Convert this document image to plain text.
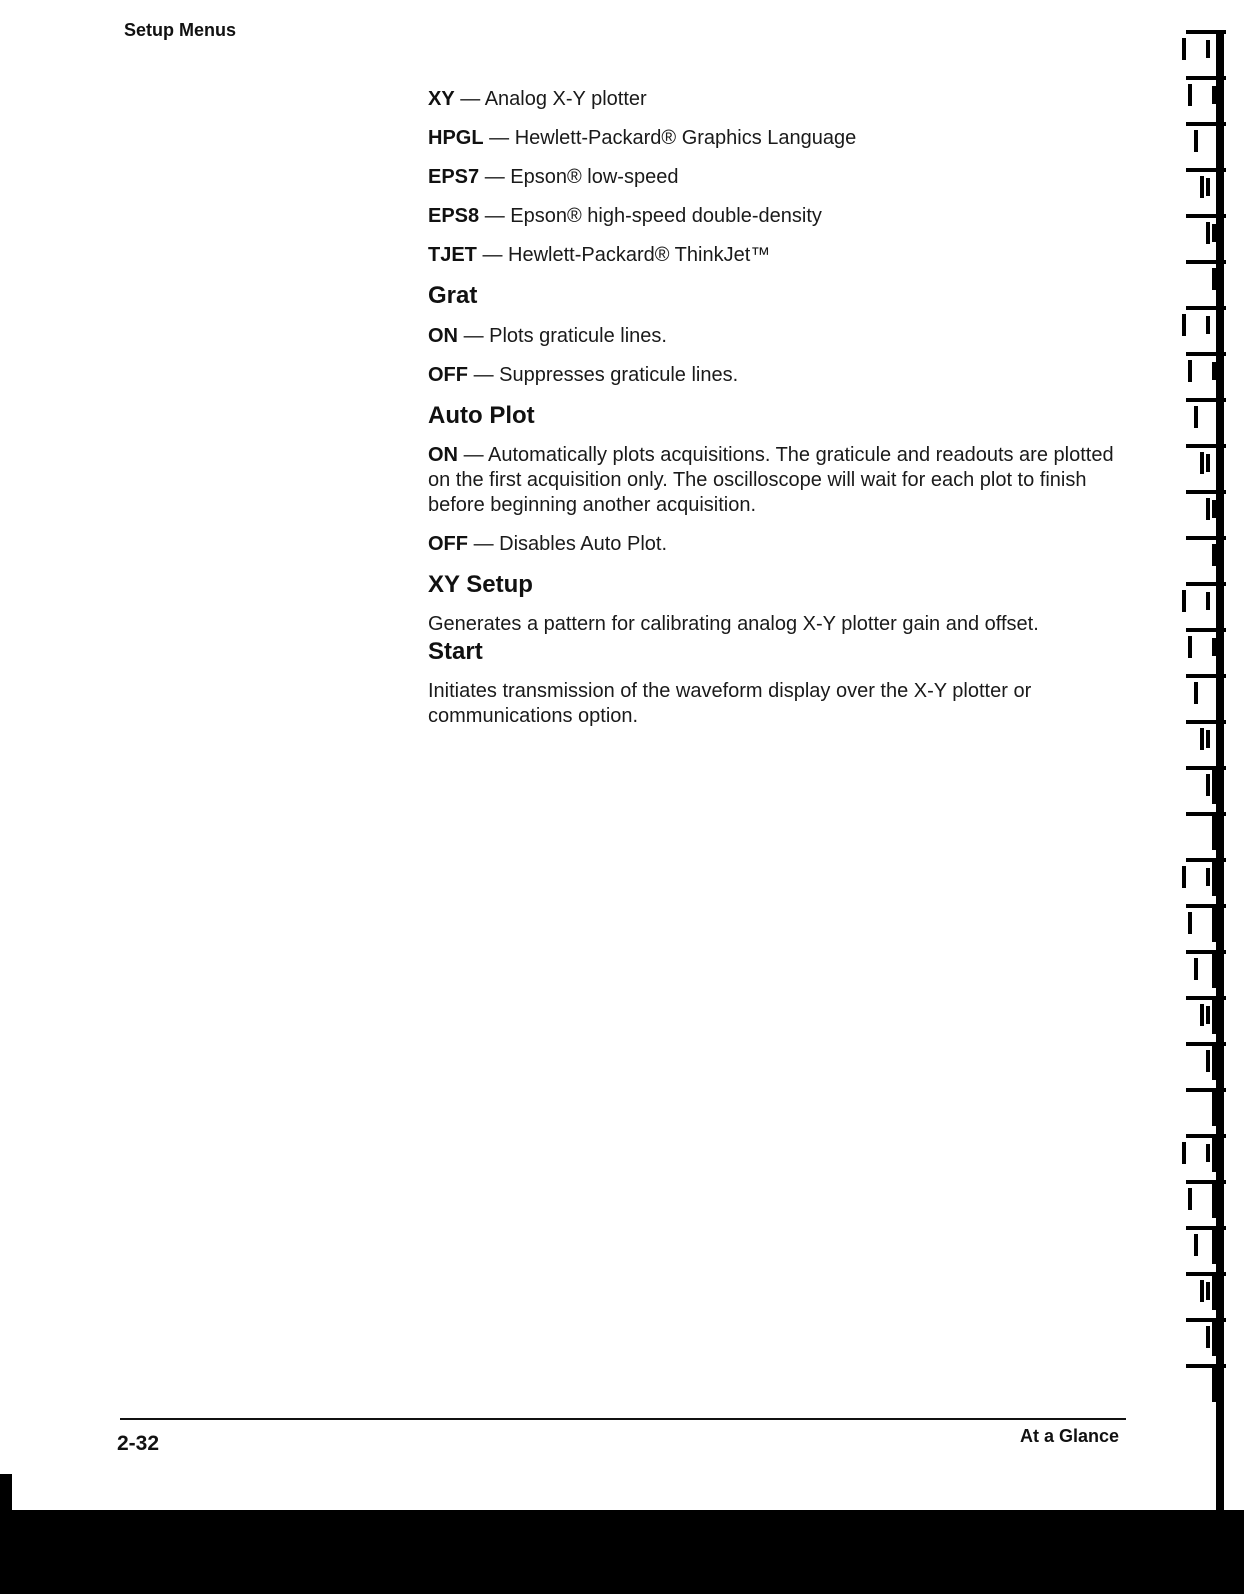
Setup Menus

XY — Analog X-Y plotter

HPGL — Hewlett-Packard® Graphics Language

EPS7 — Epson® low-speed

EPS8 — Epson® high-speed double-density

TJET — Hewlett-Packard® ThinkJet™

Grat

ON — Plots graticule lines.

OFF — Suppresses graticule lines.

Auto Plot

ON — Automatically plots acquisitions. The graticule and readouts are plotted on the first acquisition only. The oscilloscope will wait for each plot to finish before beginning another acquisition.

OFF — Disables Auto Plot.

XY Setup

Generates a pattern for calibrating analog X-Y plotter gain and offset.

Start

Initiates transmission of the waveform display over the X-Y plotter or communications option.

2-32	At a Glance
